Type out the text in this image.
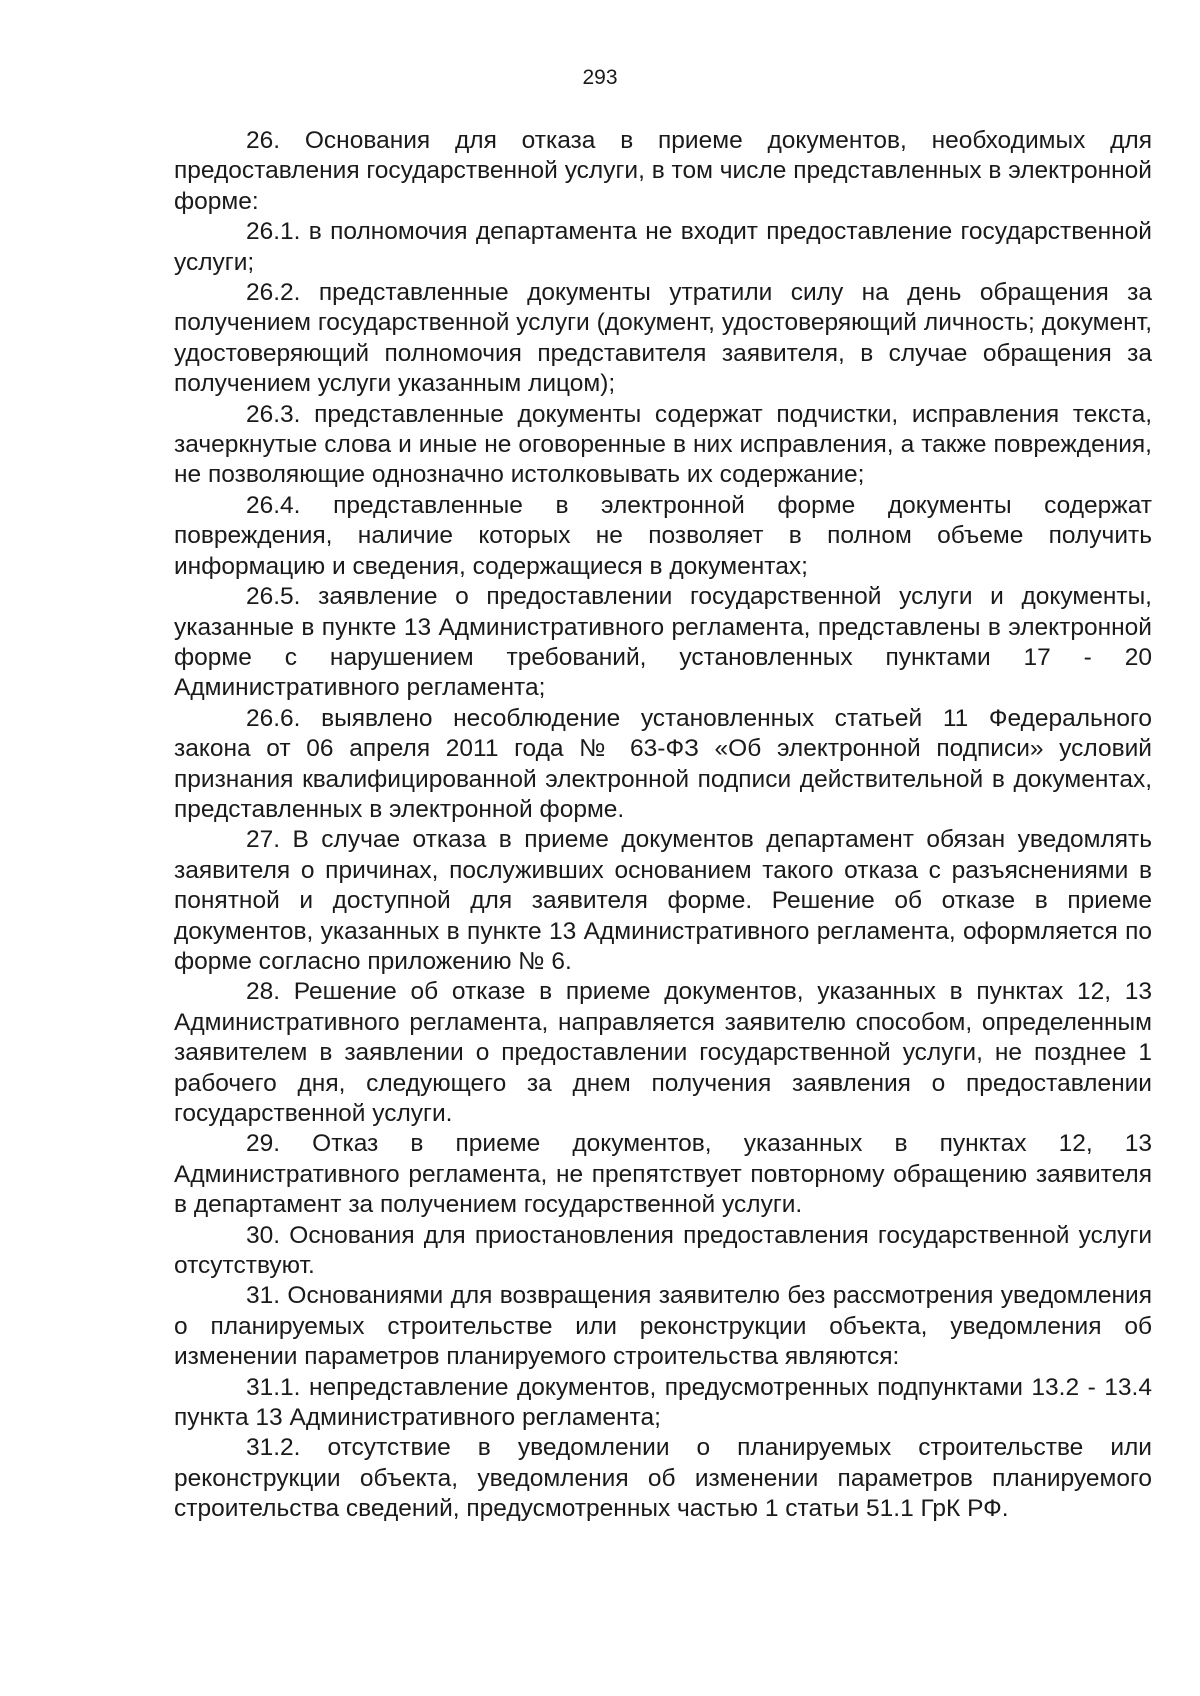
293

26. Основания для отказа в приеме документов, необходимых для предоставления государственной услуги, в том числе представленных в электронной форме:

26.1. в полномочия департамента не входит предоставление государственной услуги;

26.2. представленные документы утратили силу на день обращения за получением государственной услуги (документ, удостоверяющий личность; документ, удостоверяющий полномочия представителя заявителя, в случае обращения за получением услуги указанным лицом);

26.3. представленные документы содержат подчистки, исправления текста, зачеркнутые слова и иные не оговоренные в них исправления, а также повреждения, не позволяющие однозначно истолковывать их содержание;

26.4. представленные в электронной форме документы содержат повреждения, наличие которых не позволяет в полном объеме получить информацию и сведения, содержащиеся в документах;

26.5. заявление о предоставлении государственной услуги и документы, указанные в пункте 13 Административного регламента, представлены в электронной форме с нарушением требований, установленных пунктами 17 - 20 Административного регламента;

26.6. выявлено несоблюдение установленных статьей 11 Федерального закона от 06 апреля 2011 года № 63-ФЗ «Об электронной подписи» условий признания квалифицированной электронной подписи действительной в документах, представленных в электронной форме.

27. В случае отказа в приеме документов департамент обязан уведомлять заявителя о причинах, послуживших основанием такого отказа с разъяснениями в понятной и доступной для заявителя форме. Решение об отказе в приеме документов, указанных в пункте 13 Административного регламента, оформляется по форме согласно приложению № 6.

28. Решение об отказе в приеме документов, указанных в пунктах 12, 13 Административного регламента, направляется заявителю способом, определенным заявителем в заявлении о предоставлении государственной услуги, не позднее 1 рабочего дня, следующего за днем получения заявления о предоставлении государственной услуги.

29. Отказ в приеме документов, указанных в пунктах 12, 13 Административного регламента, не препятствует повторному обращению заявителя в департамент за получением государственной услуги.

30. Основания для приостановления предоставления государственной услуги отсутствуют.

31. Основаниями для возвращения заявителю без рассмотрения уведомления о планируемых строительстве или реконструкции объекта, уведомления об изменении параметров планируемого строительства являются:

31.1. непредставление документов, предусмотренных подпунктами 13.2 - 13.4 пункта 13 Административного регламента;

31.2. отсутствие в уведомлении о планируемых строительстве или реконструкции объекта, уведомления об изменении параметров планируемого строительства сведений, предусмотренных частью 1 статьи 51.1 ГрК РФ.
